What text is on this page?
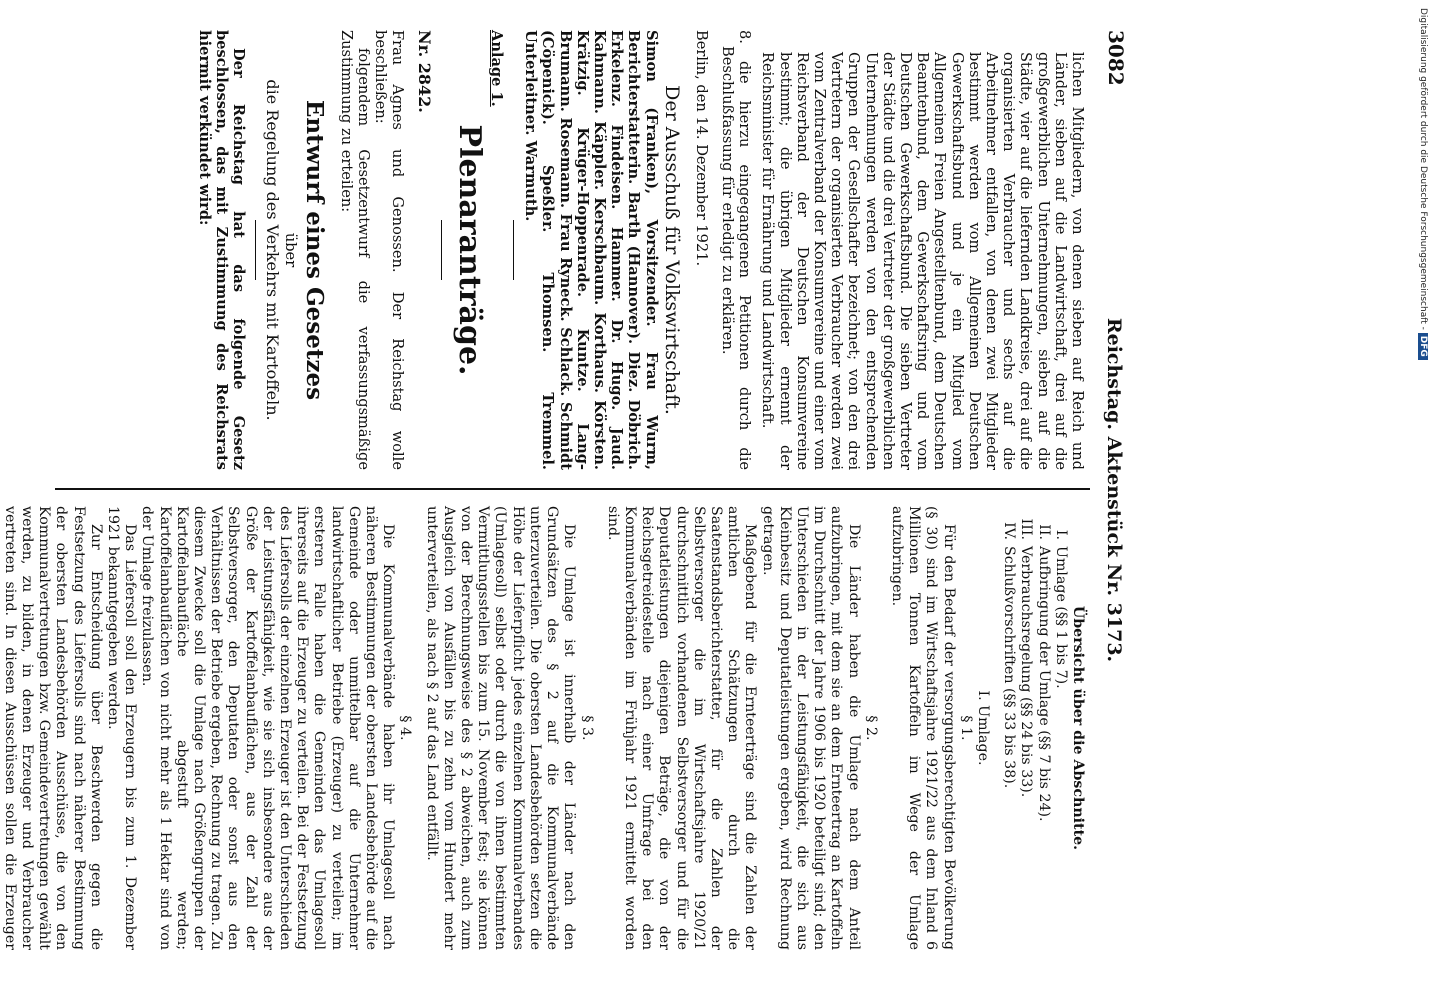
3082
Reichstag. Aktenstück Nr. 3173.

lichen Mitgliedern, von denen sieben auf Reich und Länder, sieben auf die Landwirtschaft, drei auf die großgewerblichen Unternehmungen, sieben auf die Städte, vier auf die liefernden Landkreise, drei auf die organisierten Verbraucher und sechs auf die Arbeitnehmer entfallen, von denen zwei Mitglieder bestimmt werden vom Allgemeinen Deutschen Gewerkschaftsbund und je ein Mitglied vom Allgemeinen Freien Angestelltenbund, dem Deutschen Beamtenbund, dem Gewerkschaftsring und vom Deutschen Gewerkschaftsbund. Die sieben Vertreter der Städte und die drei Vertreter der großgewerblichen Unternehmungen werden von den entsprechenden Gruppen der Gesellschafter bezeichnet; von den drei Vertretern der organisierten Verbraucher werden zwei vom Zentralverband der Konsumvereine und einer vom Reichsverband der Deutschen Konsumvereine bestimmt; die übrigen Mitglieder ernennt der Reichsminister für Ernährung und Landwirtschaft.

8. die hierzu eingegangenen Petitionen durch die Beschlußfassung für erledigt zu erklären.

Berlin, den 14. Dezember 1921.

Der Ausschuß für Volkswirtschaft.

Simon (Franken), Vorsitzender. Frau Wurm, Berichterstatterin. Barth (Hannover). Diez. Döbrich. Erkelenz. Findeisen. Hammer. Dr. Hugo. Jaud. Kahmann. Käppler. Kerschbaum. Korthaus. Körsten. Krätzig. Krüger-Hoppenrade. Kuntze. Lang-Brumann. Rosemann. Frau Ryneck. Schlack. Schmidt (Cöpenick). Speßler. Thomsen. Tremmel. Unterleitner. Warmuth.

Anlage 1.

Plenaranträge.

Nr. 2842.

Frau Agnes und Genossen. Der Reichstag wolle beschließen:

folgendem Gesetzentwurf die verfassungsmäßige Zustimmung zu erteilen:

Entwurf eines Gesetzes

über

die Regelung des Verkehrs mit Kartoffeln.

Der Reichstag hat das folgende Gesetz beschlossen, das mit Zustimmung des Reichsrats hiermit verkündet wird:

Übersicht über die Abschnitte.

I.
Umlage (§§ 1 bis 7).
II.
Aufbringung der Umlage (§§ 7 bis 24).
III.
Verbrauchsregelung (§§ 24 bis 33).
IV.
Schlußvorschriften (§§ 33 bis 38).

I. Umlage.

§ 1.

Für den Bedarf der versorgungsberechtigten Bevölkerung (§ 30) sind im Wirtschaftsjahre 1921/22 aus dem Inland 6 Millionen Tonnen Kartoffeln im Wege der Umlage aufzubringen.

§ 2.

Die Länder haben die Umlage nach dem Anteil aufzubringen, mit dem sie an dem Ernteertrag an Kartoffeln im Durchschnitt der Jahre 1906 bis 1920 beteiligt sind; den Unterschieden in der Leistungsfähigkeit, die sich aus Kleinbesitz und Deputatleistungen ergeben, wird Rechnung getragen.

Maßgebend für die Ernteerträge sind die Zahlen der amtlichen Schätzungen durch die Saatenstandsberichterstatter, für die Zahlen der Selbstversorger die im Wirtschaftsjahre 1920/21 durchschnittlich vorhandenen Selbstversorger und für die Deputatleistungen diejenigen Beträge, die von der Reichsgetreidestelle nach einer Umfrage bei den Kommunalverbänden im Frühjahr 1921 ermittelt worden sind.

§ 3.

Die Umlage ist innerhalb der Länder nach den Grundsätzen des § 2 auf die Kommunalverbände unterzuverteilen. Die obersten Landesbehörden setzen die Höhe der Lieferpflicht jedes einzelnen Kommunalverbandes (Umlagesoll) selbst oder durch die von ihnen bestimmten Vermittlungsstellen bis zum 15. November fest; sie können von der Berechnungsweise des § 2 abweichen, auch zum Ausgleich von Ausfällen bis zu zehn vom Hundert mehr unterverteilen, als nach § 2 auf das Land entfällt.

§ 4.

Die Kommunalverbände haben ihr Umlagesoll nach näheren Bestimmungen der obersten Landesbehörde auf die Gemeinde oder unmittelbar auf die Unternehmer landwirtschaftlicher Betriebe (Erzeuger) zu verteilen; im ersteren Falle haben die Gemeinden das Umlagesoll ihrerseits auf die Erzeuger zu verteilen. Bei der Festsetzung des Liefersolls der einzelnen Erzeuger ist den Unterschieden der Leistungsfähigkeit, wie sie sich insbesondere aus der Größe der Kartoffelanbauflächen, aus der Zahl der Selbstversorger, den Deputaten oder sonst aus den Verhältnissen der Betriebe ergeben, Rechnung zu tragen. Zu diesem Zwecke soll die Umlage nach Größengruppen der Kartoffelanbaufläche abgestuft werden; Kartoffelanbauflächen von nicht mehr als 1 Hektar sind von der Umlage freizulassen.

Das Liefersoll soll den Erzeugern bis zum 1. Dezember 1921 bekanntgegeben werden.

Zur Entscheidung über Beschwerden gegen die Festsetzung des Liefersolls sind nach näherer Bestimmung der obersten Landesbehörden Ausschüsse, die von den Kommunalvertretungen bzw. Gemeindevertretungen gewählt werden, zu bilden, in denen Erzeuger und Verbraucher vertreten sind. In diesen Ausschüssen sollen die Erzeuger

Digitalisierung gefördert durch die Deutsche Forschungsgemeinschaft - DFG
